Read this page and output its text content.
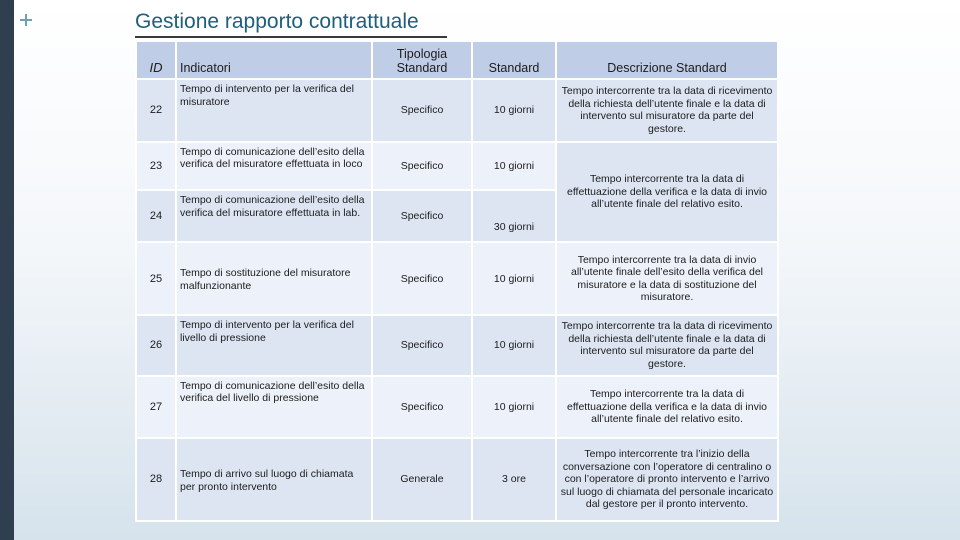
Gestione rapporto contrattuale
ID	Indicatori	Tipologia Standard	Standard	Descrizione Standard
22	Tempo di intervento per la verifica del misuratore	Specifico	10 giorni	Tempo intercorrente tra la data di ricevimento della richiesta dell’utente finale e la data di intervento sul misuratore da parte del gestore.
23	Tempo di comunicazione dell’esito della verifica del misuratore effettuata in loco	Specifico	10 giorni	Tempo intercorrente tra la data di effettuazione della verifica e la data di invio all’utente finale del relativo esito.
24	Tempo di comunicazione dell’esito della verifica del misuratore effettuata in lab.	Specifico	30 giorni	
25	Tempo di sostituzione del misuratore malfunzionante	Specifico	10 giorni	Tempo intercorrente tra la data di invio all’utente finale dell’esito della verifica del misuratore e la data di sostituzione del misuratore.
26	Tempo di intervento per la verifica del livello di pressione	Specifico	10 giorni	Tempo intercorrente tra la data di ricevimento della richiesta dell’utente finale e la data di intervento sul misuratore da parte del gestore.
27	Tempo di comunicazione dell’esito della verifica del livello di pressione	Specifico	10 giorni	Tempo intercorrente tra la data di effettuazione della verifica e la data di invio all’utente finale del relativo esito.
28	Tempo di arrivo sul luogo di chiamata per pronto intervento	Generale	3 ore	Tempo intercorrente tra l’inizio della conversazione con l’operatore di centralino o con l’operatore di pronto intervento e l’arrivo sul luogo di chiamata del personale incaricato dal gestore per il pronto intervento.
